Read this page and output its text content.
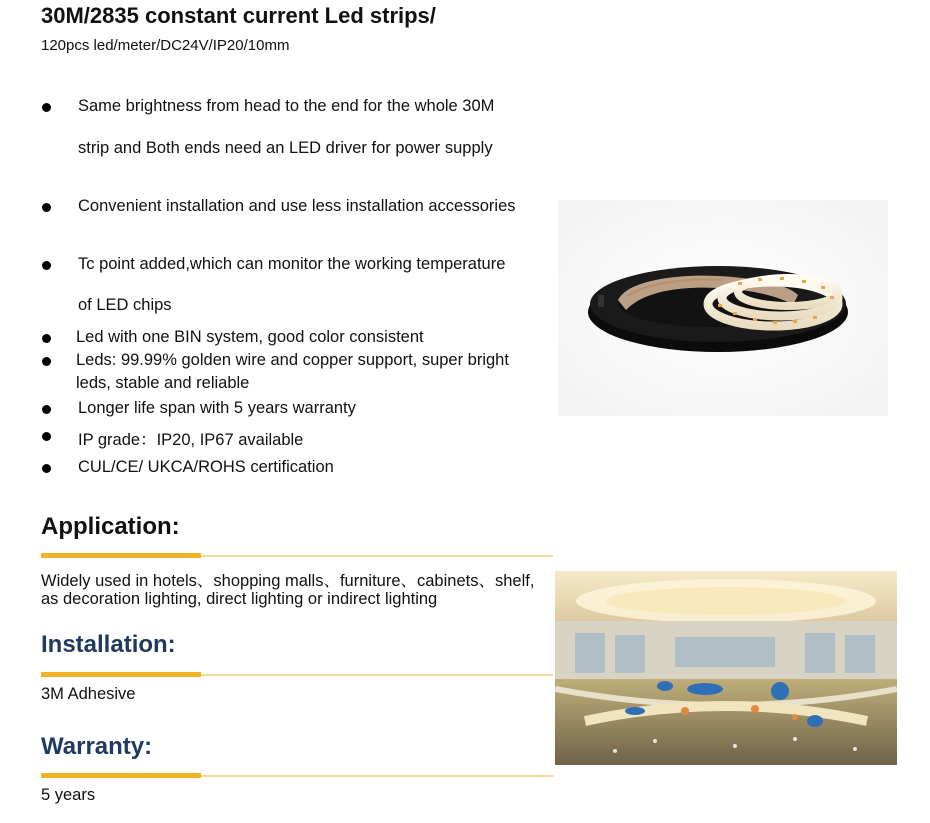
30M/2835 constant current Led strips/
120pcs led/meter/DC24V/IP20/10mm
Same brightness from head to the end for the whole 30M
strip and Both ends need an LED driver for power supply
Convenient installation and use less installation accessories
Tc point added,which can monitor the working temperature
of LED chips
Led with one BIN system, good color consistent
Leds: 99.99% golden wire and copper support, super bright
leds, stable and reliable
Longer life span with 5 years warranty
IP grade：IP20, IP67 available
CUL/CE/ UKCA/ROHS certification
Application:
Widely used in hotels、shopping malls、furniture、cabinets、shelf,
as decoration lighting, direct lighting or indirect lighting
Installation:
3M Adhesive
Warranty:
5 years
